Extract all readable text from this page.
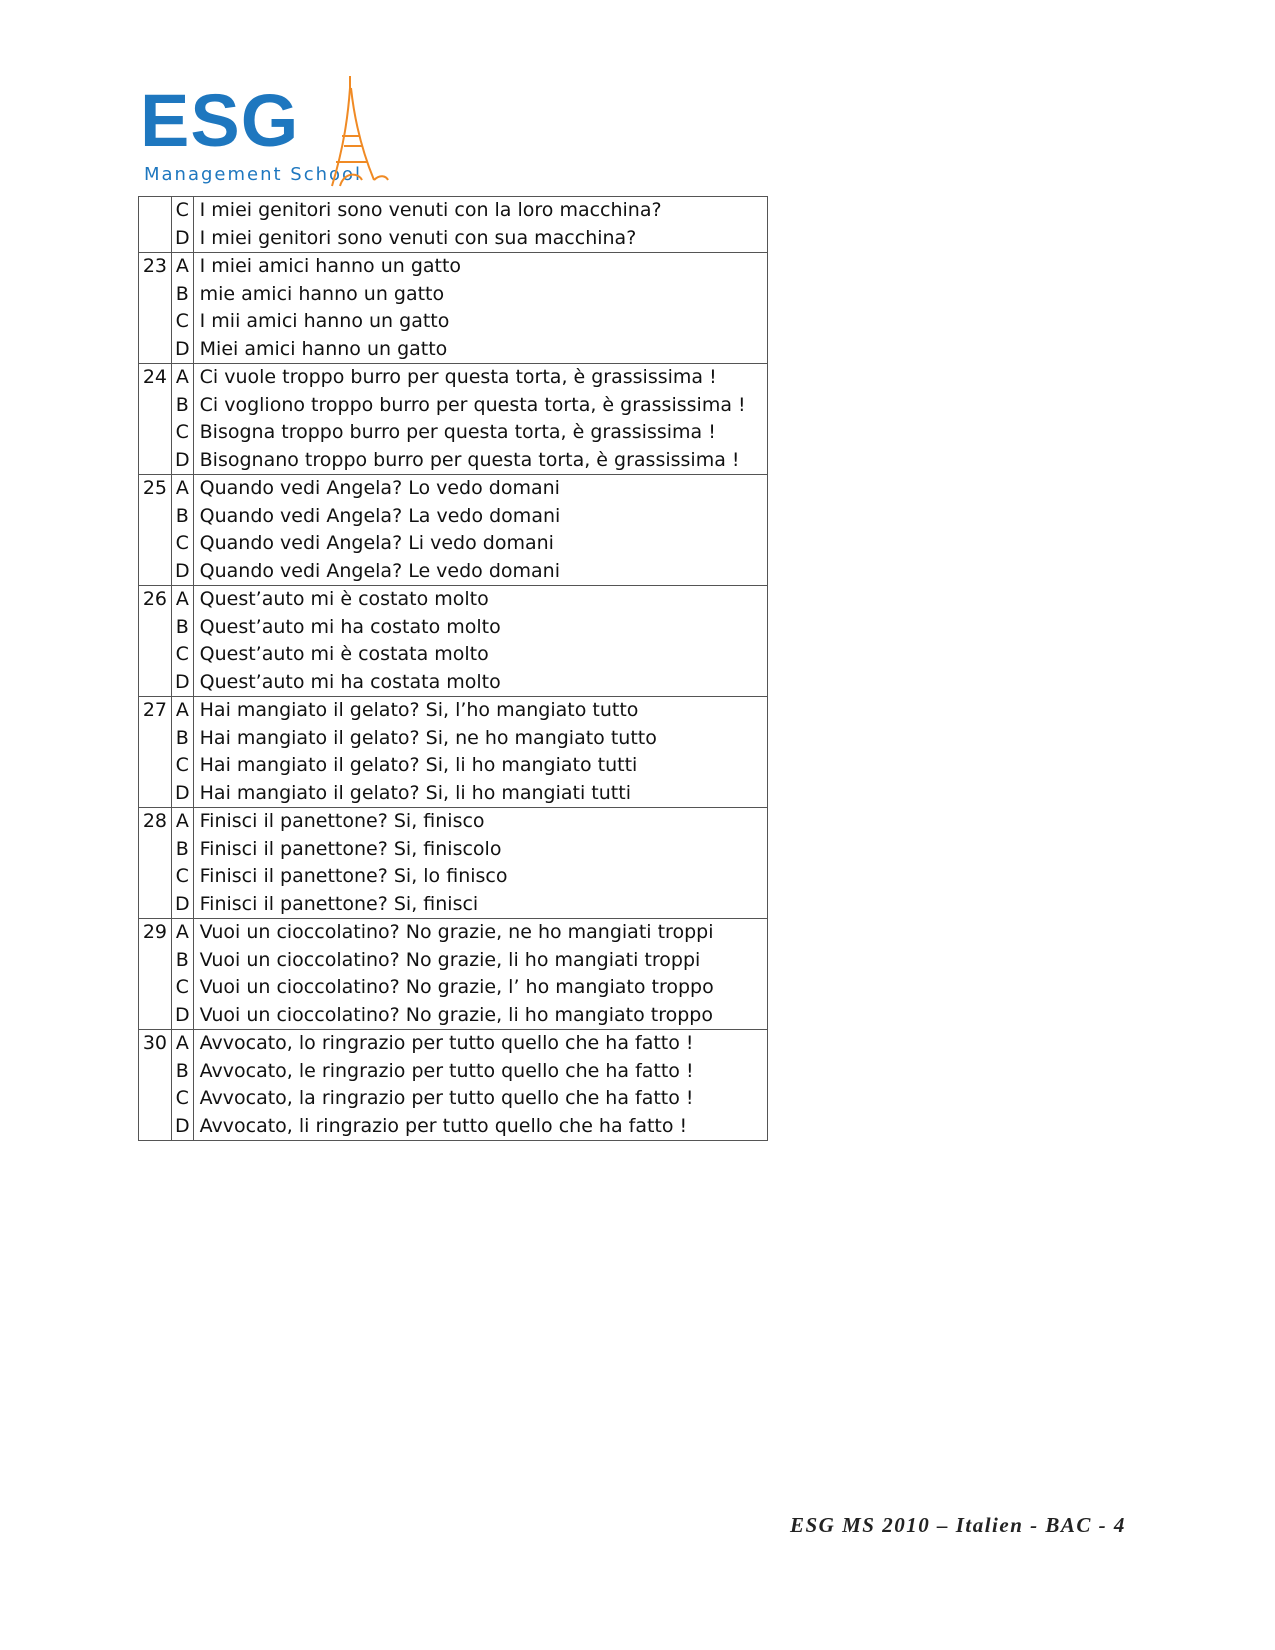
ESG
Management School
	C	I miei genitori sono venuti con la loro macchina?
	D	I miei genitori sono venuti con sua macchina?
23	A	I miei amici hanno un gatto
	B	mie amici hanno un gatto
	C	I mii amici hanno un gatto
	D	Miei amici hanno un gatto
24	A	Ci vuole troppo burro per questa torta, è grassissima !
	B	Ci vogliono troppo burro per questa torta, è grassissima !
	C	Bisogna troppo burro per questa torta, è grassissima !
	D	Bisognano troppo burro per questa torta, è grassissima !
25	A	Quando vedi Angela? Lo vedo domani
	B	Quando vedi Angela? La vedo domani
	C	Quando vedi Angela? Li vedo domani
	D	Quando vedi Angela? Le vedo domani
26	A	Quest’auto mi è costato molto
	B	Quest’auto mi ha costato molto
	C	Quest’auto mi è costata molto
	D	Quest’auto mi ha costata molto
27	A	Hai mangiato il gelato? Si, l’ho mangiato tutto
	B	Hai mangiato il gelato? Si, ne ho mangiato tutto
	C	Hai mangiato il gelato? Si, li ho mangiato tutti
	D	Hai mangiato il gelato? Si, li ho mangiati tutti
28	A	Finisci il panettone? Si, finisco
	B	Finisci il panettone? Si, finiscolo
	C	Finisci il panettone? Si, lo finisco
	D	Finisci il panettone? Si, finisci
29	A	Vuoi un cioccolatino? No grazie, ne ho mangiati troppi
	B	Vuoi un cioccolatino? No grazie, li ho mangiati troppi
	C	Vuoi un cioccolatino? No grazie, l’ ho mangiato troppo
	D	Vuoi un cioccolatino? No grazie, li ho mangiato troppo
30	A	Avvocato, lo ringrazio per tutto quello che ha fatto !
	B	Avvocato, le ringrazio per tutto quello che ha fatto !
	C	Avvocato, la ringrazio per tutto quello che ha fatto !
	D	Avvocato, li ringrazio per tutto quello che ha fatto !
ESG MS 2010 – Italien - BAC - 4
